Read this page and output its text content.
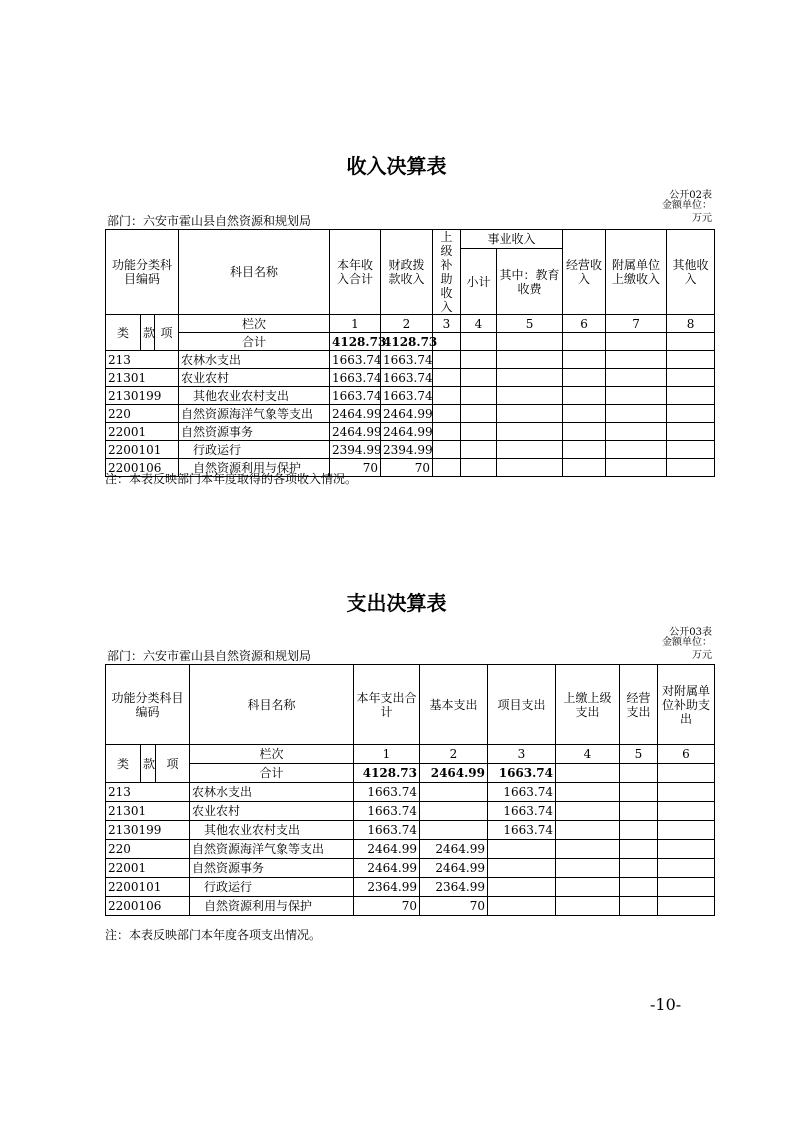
收入决算表
公开02表
金额单位：万元
部门：六安市霍山县自然资源和规划局
功能分类科目编码			科目名称	本年收入合计	财政拨款收入	上级补助收入	事业收入		经营收入	附属单位上缴收入	其他收入
							小计	其中：教育收费			

类	款	项	栏次	1	2	3	4	5	6	7	8
			合计	4128.73	4128.73						
213			农林水支出	1663.74	1663.74						
21301			农业农村	1663.74	1663.74						
2130199			其他农业农村支出	1663.74	1663.74						
220			自然资源海洋气象等支出	2464.99	2464.99						
22001			自然资源事务	2464.99	2464.99						
2200101			行政运行	2394.99	2394.99						
2200106			自然资源利用与保护	70	70						
注：本表反映部门本年度取得的各项收入情况。
支出决算表
公开03表
金额单位：万元
部门：六安市霍山县自然资源和规划局
功能分类科目编码			科目名称	本年支出合计	基本支出	项目支出	上缴上级支出	经营支出	对附属单位补助支出
类	款	项	栏次	1	2	3	4	5	6
			合计	4128.73	2464.99	1663.74			
213			农林水支出	1663.74		1663.74			
21301			农业农村	1663.74		1663.74			
2130199			其他农业农村支出	1663.74		1663.74			
220			自然资源海洋气象等支出	2464.99	2464.99				
22001			自然资源事务	2464.99	2464.99				
2200101			行政运行	2364.99	2364.99				
2200106			自然资源利用与保护	70	70				
注：本表反映部门本年度各项支出情况。
-10-
